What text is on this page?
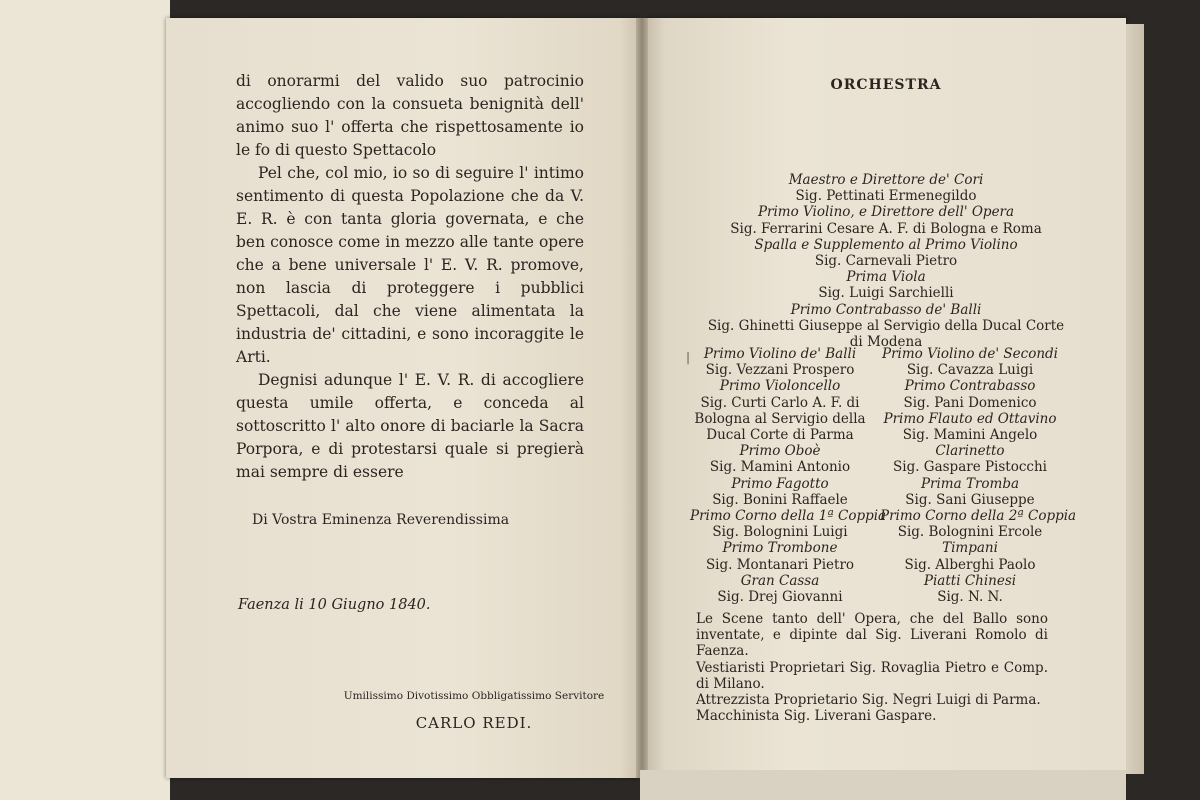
di onorarmi del valido suo patrocinio accogliendo con la consueta benignità dell' animo suo l' offerta che rispettosamente io le fo di questo Spettacolo

Pel che, col mio, io so di seguire l' intimo sentimento di questa Popolazione che da V. E. R. è con tanta gloria governata, e che ben conosce come in mezzo alle tante opere che a bene universale l' E. V. R. promove, non lascia di proteggere i pubblici Spettacoli, dal che viene alimentata la industria de' cittadini, e sono incoraggite le Arti.

Degnisi adunque l' E. V. R. di accogliere questa umile offerta, e conceda al sottoscritto l' alto onore di baciarle la Sacra Porpora, e di protestarsi quale si pregierà mai sempre di essere

Di Vostra Eminenza Reverendissima
Faenza li 10 Giugno 1840.
Umilissimo Divotissimo Obbligatissimo Servitore
CARLO REDI.
ORCHESTRA
Maestro e Direttore de' Cori
Sig. Pettinati Ermenegildo
Primo Violino, e Direttore dell' Opera
Sig. Ferrarini Cesare A. F. di Bologna e Roma
Spalla e Supplemento al Primo Violino
Sig. Carnevali Pietro
Prima Viola
Sig. Luigi Sarchielli
Primo Contrabasso de' Balli
Sig. Ghinetti Giuseppe al Servigio della Ducal Corte
di Modena
|	Primo Violino de' Balli
Sig. Vezzani Prospero
Primo Violoncello
Sig. Curti Carlo A. F. di
Bologna al Servigio della
Ducal Corte di Parma
Primo Oboè
Sig. Mamini Antonio
Primo Fagotto
Sig. Bonini Raffaele
Primo Corno della 1ª Coppia
Sig. Bolognini Luigi
Primo Trombone
Sig. Montanari Pietro
Gran Cassa
Sig. Drej Giovanni
Primo Violino de' Secondi
Sig. Cavazza Luigi
Primo Contrabasso
Sig. Pani Domenico
Primo Flauto ed Ottavino
Sig. Mamini Angelo
Clarinetto
Sig. Gaspare Pistocchi
Prima Tromba
Sig. Sani Giuseppe
Primo Corno della 2ª Coppia
Sig. Bolognini Ercole
Timpani
Sig. Alberghi Paolo
Piatti Chinesi
Sig. N. N.

Le Scene tanto dell' Opera, che del Ballo sono inventate, e dipinte dal Sig. Liverani Romolo di Faenza.

Vestiaristi Proprietari Sig. Rovaglia Pietro e Comp. di Milano.

Attrezzista Proprietario Sig. Negri Luigi di Parma.

Macchinista Sig. Liverani Gaspare.
